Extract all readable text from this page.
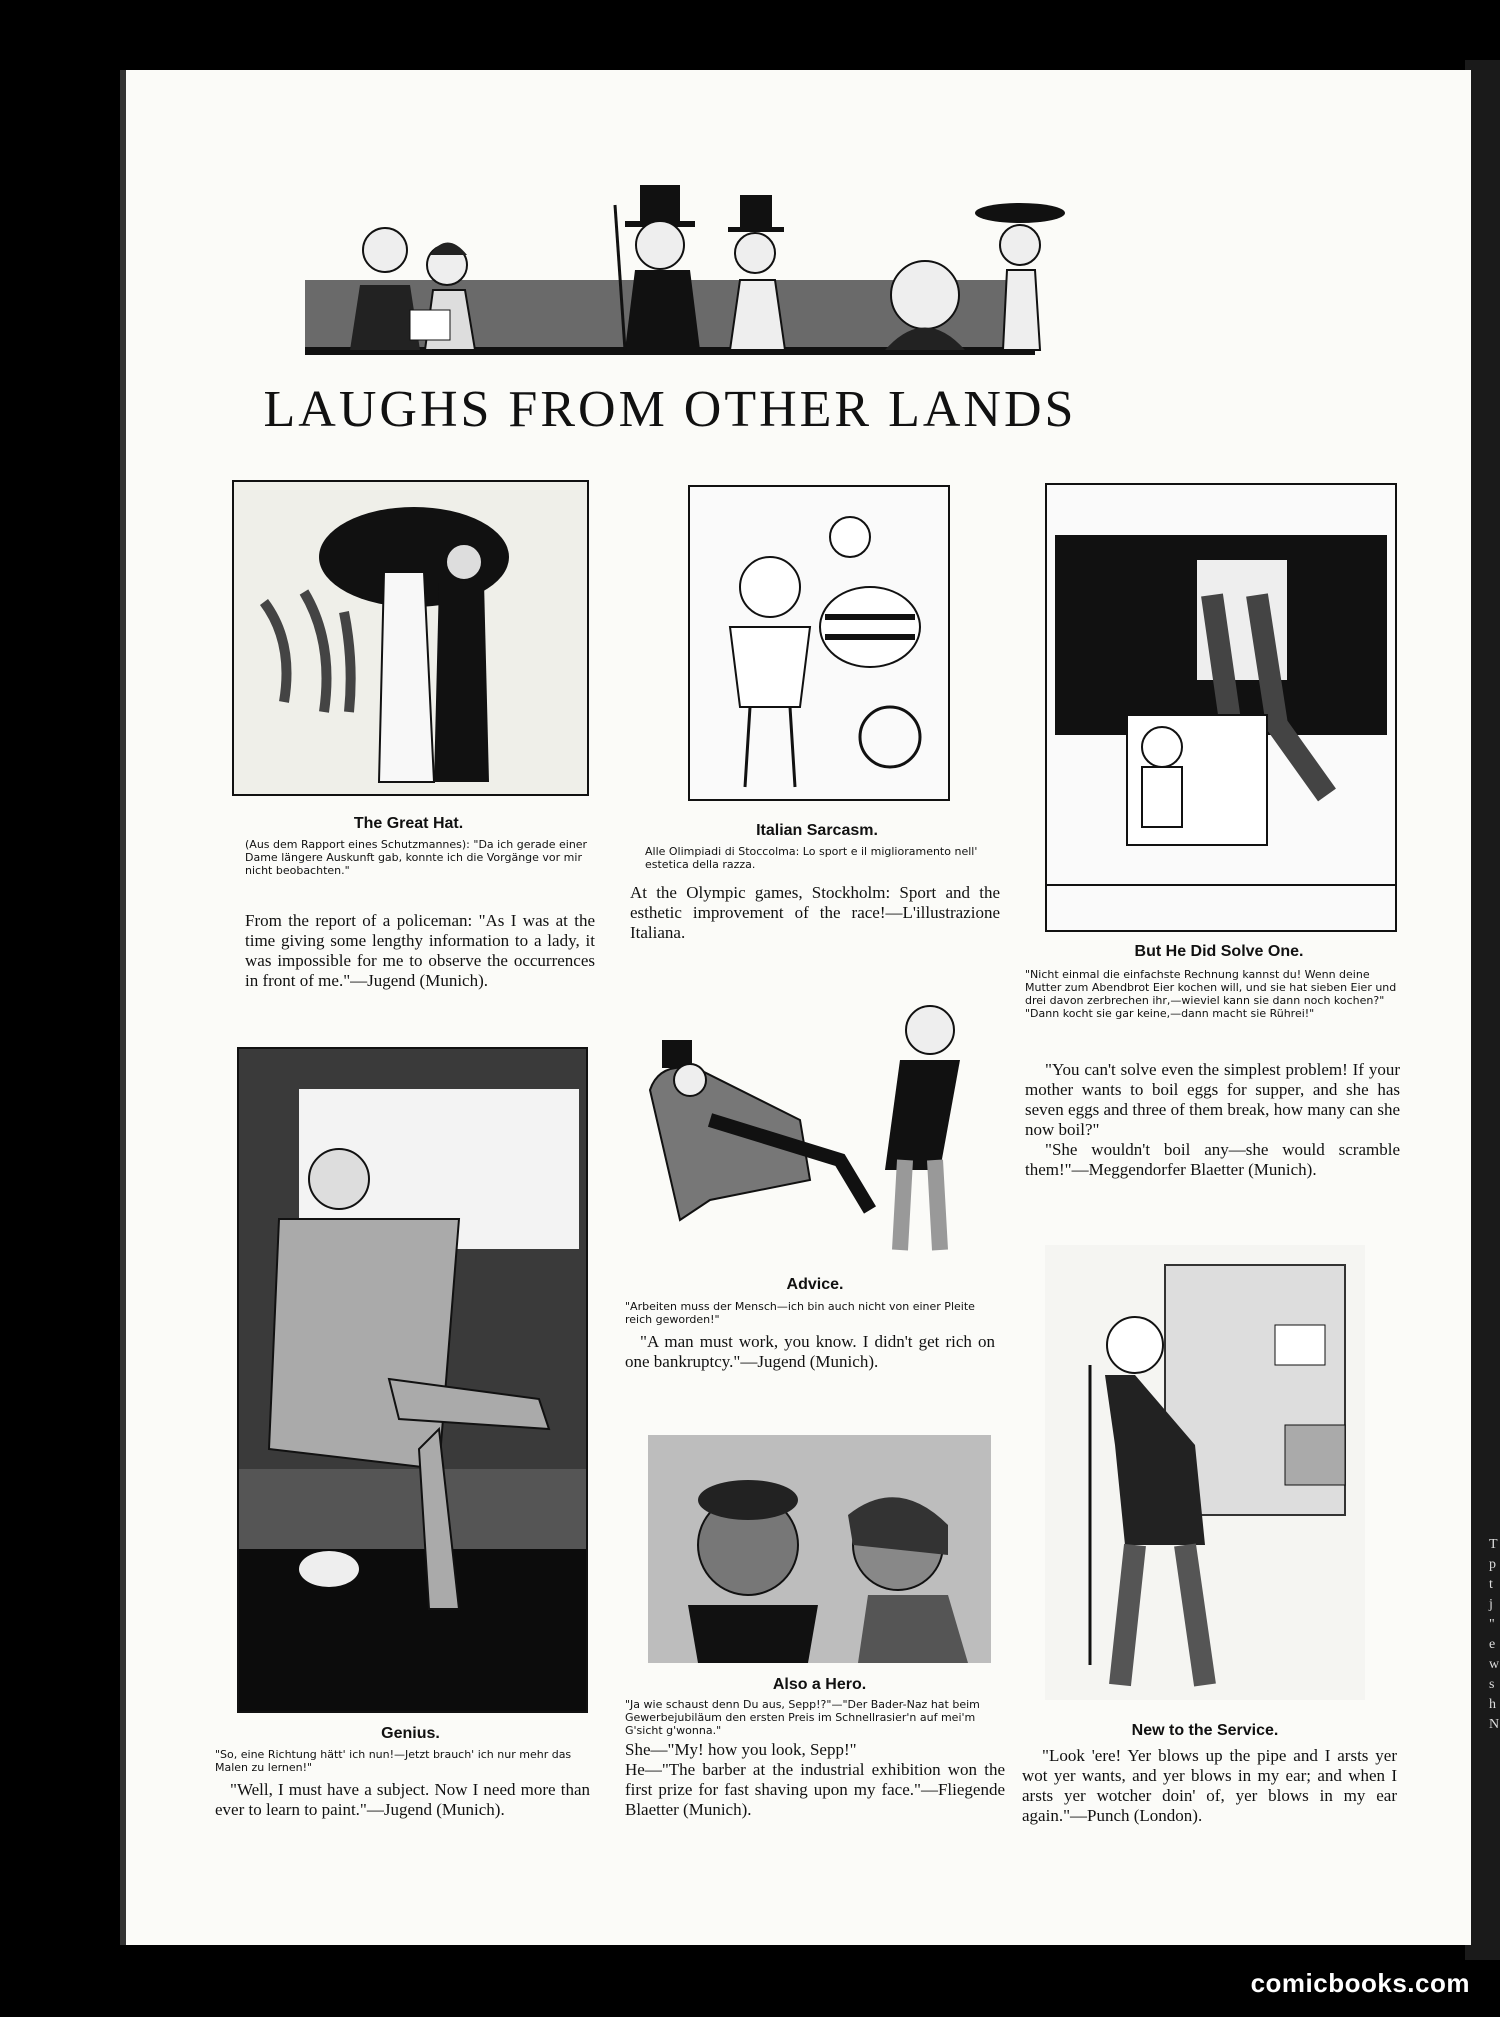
T p t j " e w s h N
LAUGHS FROM OTHER LANDS
The Great Hat.
(Aus dem Rapport eines Schutzmannes): "Da ich gerade einer Dame längere Auskunft gab, konnte ich die Vorgänge vor mir nicht beobachten."

From the report of a policeman: "As I was at the time giving some lengthy information to a lady, it was impossible for me to observe the occurrences in front of me."—Jugend (Munich).

Italian Sarcasm.
Alle Olimpiadi di Stoccolma: Lo sport e il miglioramento nell' estetica della razza.

At the Olympic games, Stockholm: Sport and the esthetic improvement of the race!—L'illustrazione Italiana.

But He Did Solve One.
"Nicht einmal die einfachste Rechnung kannst du! Wenn deine Mutter zum Abendbrot Eier kochen will, und sie hat sieben Eier und drei davon zerbrechen ihr,—wieviel kann sie dann noch kochen?" "Dann kocht sie gar keine,—dann macht sie Rührei!"

"You can't solve even the simplest problem! If your mother wants to boil eggs for supper, and she has seven eggs and three of them break, how many can she now boil?"

"She wouldn't boil any—she would scramble them!"—Meggendorfer Blaetter (Munich).

Genius.
"So, eine Richtung hätt' ich nun!—Jetzt brauch' ich nur mehr das Malen zu lernen!"

"Well, I must have a subject. Now I need more than ever to learn to paint."—Jugend (Munich).

Advice.
"Arbeiten muss der Mensch—ich bin auch nicht von einer Pleite reich geworden!"

"A man must work, you know. I didn't get rich on one bankruptcy."—Jugend (Munich).

Also a Hero.
"Ja wie schaust denn Du aus, Sepp!?"—"Der Bader-Naz hat beim Gewerbejubiläum den ersten Preis im Schnellrasier'n auf mei'm G'sicht g'wonna."

She—"My! how you look, Sepp!"

He—"The barber at the industrial exhibition won the first prize for fast shaving upon my face."—Fliegende Blaetter (Munich).

New to the Service.

"Look 'ere! Yer blows up the pipe and I arsts yer wot yer wants, and yer blows in my ear; and when I arsts yer wotcher doin' of, yer blows in my ear again."—Punch (London).

comicbooks.com
